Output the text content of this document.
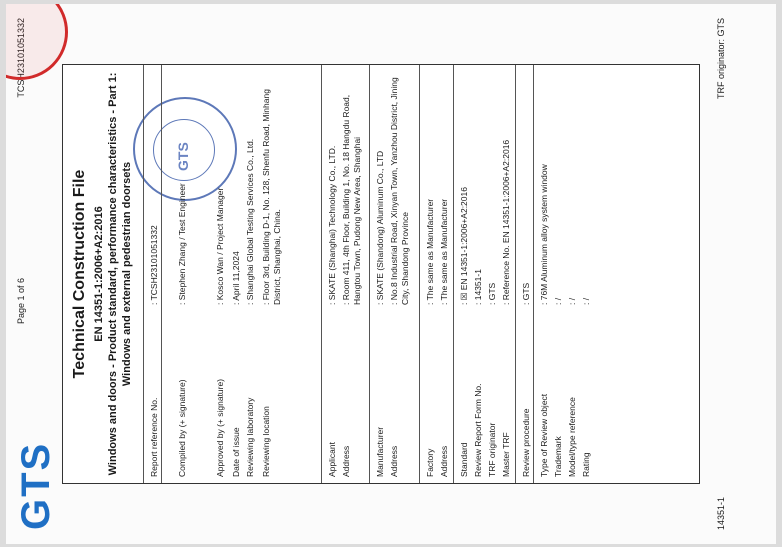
GTS
Page 1 of 6
TCSH23101051332
Technical Construction File EN 14351-1:2006+A2:2016 Windows and doors - Product standard, performance characteristics - Part 1: Windows and external pedestrian doorsets
GTS
Report reference No.
: TCSH23101051332
Compiled by (+ signature)
: Stephen Zhang / Test Engineer
Approved by (+ signature)
: Kosco Wan / Project Manager
Date of issue
: April 11,2024
Reviewing laboratory
: Shanghai Global Testing Services Co., Ltd.
Reviewing location
: Floor 3rd, Building D-1, No. 128, Shenfu Road, Minhang District, Shanghai, China.
Applicant
: SKATE (Shanghai) Technology Co., LTD.
Address
: Room 411, 4th Floor, Building 1, No. 18 Hangdu Road, Hangtou Town, Pudong New Area, Shanghai
Manufacturer
: SKATE (Shandong) Aluminum Co., LTD
Address
: No.8 Industrial Road, Xinyan Town, Yanzhou District, Jining City, Shandong Province
Factory
: The same as Manufacturer
Address
: The same as Manufacturer
Standard
: ☒ EN 14351-1:2006+A2:2016
Review Report Form No.
: 14351-1
TRF originator
: GTS
Master TRF
: Reference No. EN 14351-1:2006+A2:2016
Review procedure
: GTS
Type of Review object
: 76M Aluminum alloy system window
Trademark
: /
Model/type reference
: /
Rating
: /
14351-1
TRF originator: GTS
